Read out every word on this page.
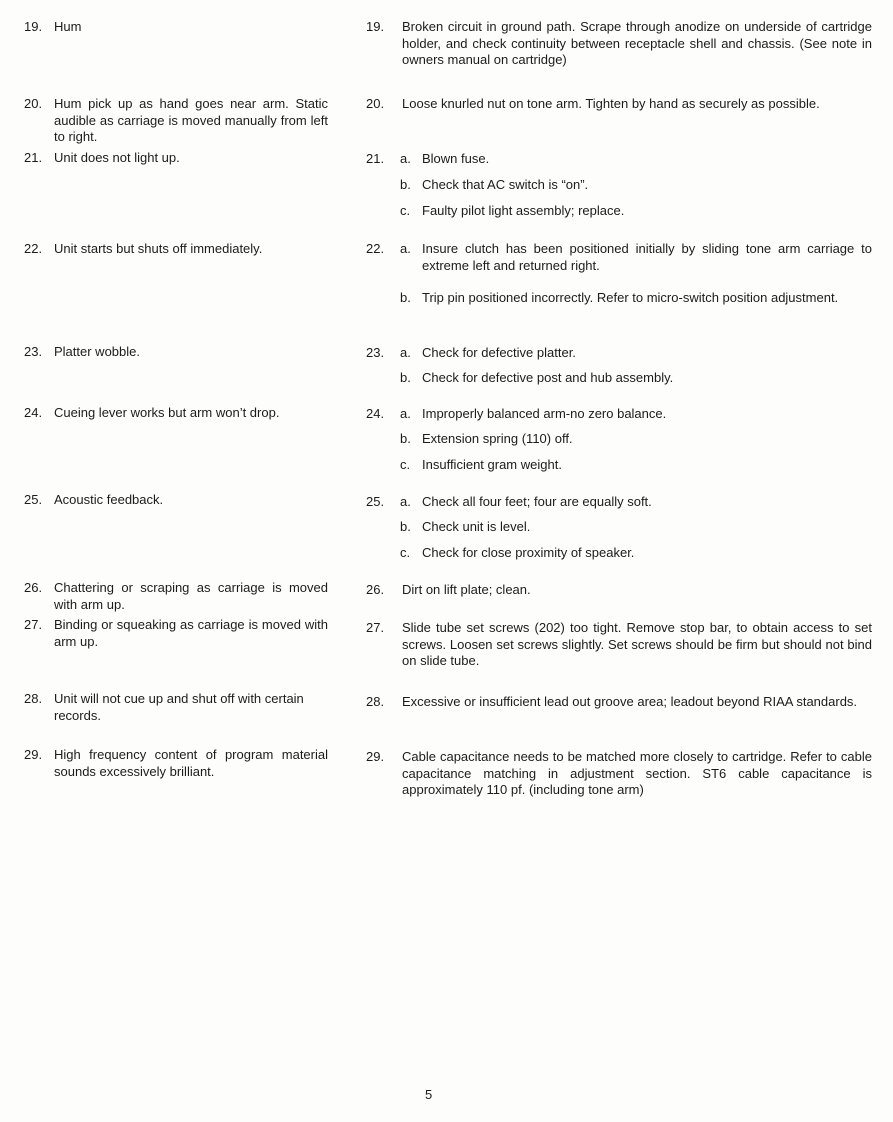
19. Hum
20. Hum pick up as hand goes near arm. Static audible as carriage is moved manually from left to right.
21. Unit does not light up.
22. Unit starts but shuts off immediately.
23. Platter wobble.
24. Cueing lever works but arm won’t drop.
25. Acoustic feedback.
26. Chattering or scraping as carriage is moved with arm up.
27. Binding or squeaking as carriage is moved with arm up.
28. Unit will not cue up and shut off with certain records.
29. High frequency content of program material sounds excessively brilliant.
19. Broken circuit in ground path. Scrape through anodize on underside of cartridge holder, and check continuity between receptacle shell and chassis. (See note in owners manual on cartridge)
20. Loose knurled nut on tone arm. Tighten by hand as securely as possible.
21. a. Blown fuse.
b. Check that AC switch is “on”.
c. Faulty pilot light assembly; replace.
22. a. Insure clutch has been positioned initially by sliding tone arm carriage to extreme left and returned right.
b. Trip pin positioned incorrectly. Refer to micro-switch position adjustment.
23. a. Check for defective platter.
b. Check for defective post and hub assembly.
24. a. Improperly balanced arm-no zero balance.
b. Extension spring (110) off.
c. Insufficient gram weight.
25. a. Check all four feet; four are equally soft.
b. Check unit is level.
c. Check for close proximity of speaker.
26. Dirt on lift plate; clean.
27. Slide tube set screws (202) too tight. Remove stop bar, to obtain access to set screws. Loosen set screws slightly. Set screws should be firm but should not bind on slide tube.
28. Excessive or insufficient lead out groove area; leadout beyond RIAA standards.
29. Cable capacitance needs to be matched more closely to cartridge. Refer to cable capacitance matching in adjustment section. ST6 cable capacitance is approximately 110 pf. (including tone arm)
5
